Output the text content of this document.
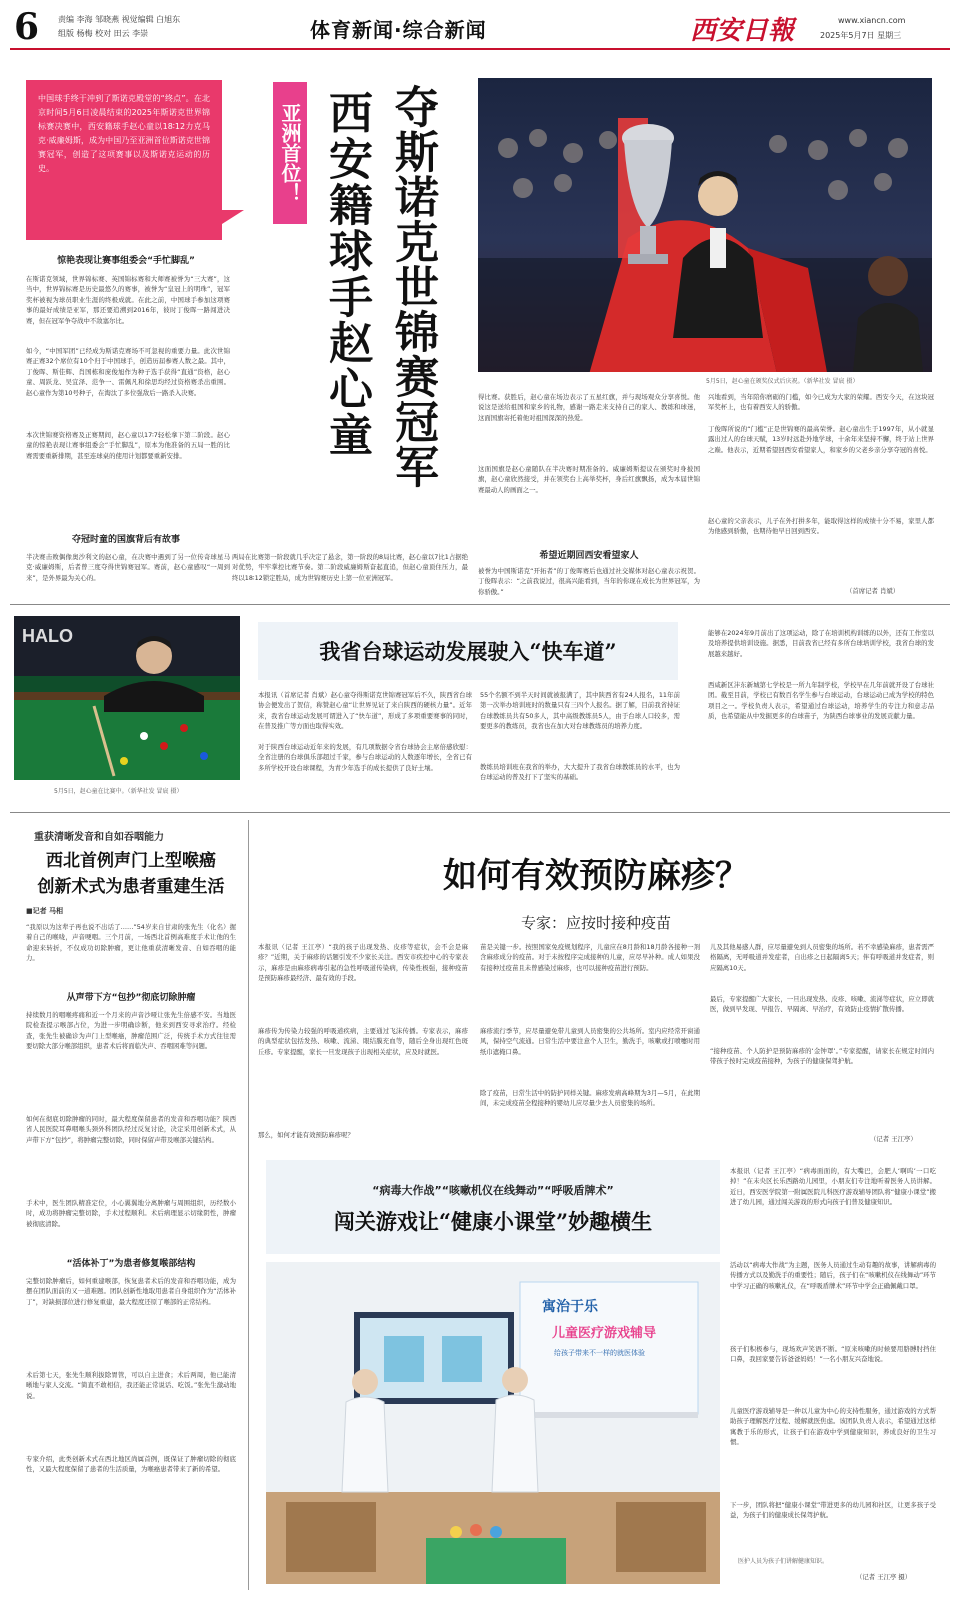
6 责编 李海 邹晓燕 视觉编辑 白旭东
组版 杨梅 校对 田云 李崇	体育新闻·综合新闻	西安日報	www.xiancn.com
2025年5月7日 星期三
中国球手终于冲到了斯诺克殿堂的“终点”。在北京时间5月6日凌晨结束的2025年斯诺克世界锦标赛决赛中，西安籍球手赵心童以18∶12力克马克·威廉姆斯，成为中国乃至亚洲首位斯诺克世锦赛冠军，创造了这项赛事以及斯诺克运动的历史。	亚洲首位！ 夺斯诺克世锦赛冠军
西安籍球手赵心童	5月5日，赵心童在颁奖仪式后庆祝。（新华社发 冒宸 摄）
惊艳表现让赛事组委会“手忙脚乱”
在斯诺克领域，世界锦标赛、英国锦标赛和大师赛被誉为“三大赛”，这当中，世界锦标赛是历史最悠久的赛事，被誉为“皇冠上的明珠”，冠军奖杯被视为球员职业生涯的终极成就。在此之前，中国球手参加这项赛事的最好成绩是亚军，那还要追溯到2016年，彼时丁俊晖一路闯进决赛，但在冠军争夺战中不敌塞尔比。
如今，“中国军团”已经成为斯诺克赛场不可忽视的重要力量。此次世锦赛正赛32个席位有10个归于中国球手，创造历届参赛人数之最。其中，丁俊晖、斯佳辉、肖国栋和庞俊旭作为种子选手获得“直通”资格，赵心童、周跃龙、吴宜泽、范争一、雷佩凡和徐思均经过资格赛杀出重围。赵心童作为第10号种子，在淘汰了多位强敌后一路杀入决赛。
本次世锦赛资格赛及正赛期间，赵心童以17∶7轻松拿下第二阶段。赵心童的惊艳表现让赛事组委会“手忙脚乱”，原本为他准备的五局一胜的比赛需要重新排期，甚至连球桌的使用计划都要重新安排。
夺冠时童的国旗背后有故事
半决赛击败偶像奥沙利文的赵心童，在决赛中遇到了另一位传奇球星马克·威廉姆斯，后者曾三度夺得世锦赛冠军。赛前，赵心童感叹“一周到来”，是外界最为关心的。
两局在比赛第一阶段就几乎决定了悬念，第一阶段的8局比赛，赵心童以7比1占据绝对优势，牢牢掌控比赛节奏。第二阶段威廉姆斯奋起直追，但赵心童顶住压力，最终以18∶12锁定胜局，成为世锦赛历史上第一位亚洲冠军。
得比赛。获胜后，赵心童在场边表示了五星红旗，并与现场观众分享喜悦。他说这是送给祖国和家乡的礼物，感谢一路走来支持自己的家人、教练和球迷，这面国旗寄托着他对祖国深深的热爱。
这面国旗是赵心童随队在半决赛时期准备的。威廉姆斯提议在颁奖时身披国旗，赵心童欣然接受，并在领奖台上高举奖杯，身后红旗飘扬，成为本届世锦赛最动人的画面之一。
希望近期回西安看望家人
被誉为中国斯诺克“开拓者”的丁俊晖赛后也通过社交媒体对赵心童表示祝贺。丁俊晖表示：“之前我说过，很高兴能看到，当年的你现在成长为世界冠军，为你骄傲。”
兴地看到，当年陪你磨砺的门槛，如今已成为大家的荣耀。西安今天，在这块冠军奖杯上，也有着西安人的骄傲。
丁俊晖所说的“门槛”正是世锦赛的最高荣誉。赵心童出生于1997年，从小就显露出过人的台球天赋，13岁时远赴外地学球，十余年来坚持不懈，终于站上世界之巅。他表示，近期希望回西安看望家人，和家乡的父老乡亲分享夺冠的喜悦。
赵心童的父亲表示，儿子在外打拼多年，能取得这样的成绩十分不易，家里人都为他感到骄傲，也期待他早日回到西安。
（首席记者 肖斌）
HALO
5月5日，赵心童在比赛中。（新华社发 冒宸 摄）
我省台球运动发展驶入“快车道”
本报讯（首席记者 肖斌）赵心童夺得斯诺克世锦赛冠军后不久，陕西省台球协会便发出了贺信，称赞赵心童“让世界见证了来自陕西的硬核力量”。近年来，我省台球运动发展可谓进入了“快车道”，形成了多项重要赛事的同时，在普及推广等方面也取得实效。
对于陕西台球运动近年来的发展，有几项数据令省台球协会主席倍感欣慰：全省注册的台球俱乐部超过千家，参与台球运动的人数逐年增长，全省已有多所学校开设台球课程，为青少年选手的成长提供了良好土壤。
55个名额不到半天时间就被报满了，其中陕西省有24人报名，11年前第一次举办培训班时的数量只有三四个人报名。据了解，目前我省持证台球教练员共有50多人，其中高级教练员5人，由于台球人口较多，需要更多的教练员，我省也在加大对台球教练员的培养力度。
教练员培训班在我省的举办，大大提升了我省台球教练员的水平，也为台球运动的普及打下了坚实的基础。
能够在2024年9月前出了这项运动，除了在培训机构训练的以外，还有工作室以及培养提供培训设施。据悉，目前我省已经有多所台球培训学校，我省台球的发展越来越好。
西咸新区沣东新城第七学校是一所九年制学校，学校早在几年前就开设了台球社团。截至目前，学校已有数百名学生参与台球运动，台球运动已成为学校的特色项目之一。学校负责人表示，希望通过台球运动，培养学生的专注力和意志品质，也希望能从中发掘更多的台球苗子，为陕西台球事业的发展贡献力量。
重获清晰发音和自如吞咽能力
西北首例声门上型喉癌
创新术式为患者重建生活
■记者 马相
“我原以为这辈子再也说不出话了……”54岁来自甘肃的张先生（化名）握着自己的喉咙，声音哽咽。三个月前，一场西北首例高难度手术让他的生命迎来转折，不仅成功切除肿瘤，更让他重获清晰发音、自如吞咽的能力。
从声带下方“包抄”彻底切除肿瘤
持续数月的咽喉疼痛和近一个月来的声音沙哑让张先生倍感不安。当地医院检查提示喉部占位，为进一步明确诊断，他来到西安寻求治疗。经检查，张先生被确诊为声门上型喉癌，肿瘤范围广泛，传统手术方式往往需要切除大部分喉部组织，患者术后将面临失声、吞咽困难等问题。
如何在彻底切除肿瘤的同时，最大程度保留患者的发音和吞咽功能？陕西省人民医院耳鼻咽喉头颈外科团队经过反复讨论，决定采用创新术式，从声带下方“包抄”，将肿瘤完整切除，同时保留声带及喉部关键结构。
手术中，医生团队精准定位，小心翼翼地分离肿瘤与周围组织，历经数小时，成功将肿瘤完整切除，手术过程顺利。术后病理显示切缘阴性，肿瘤被彻底清除。
“活体补丁”为患者修复喉部结构
完整切除肿瘤后，如何重建喉部，恢复患者术后的发音和吞咽功能，成为摆在团队面前的又一道难题。团队创新性地取用患者自身组织作为“活体补丁”，对缺损部位进行修复重建，最大程度还原了喉部的正常结构。
术后第七天，张先生顺利拔除胃管，可以自主进食；术后两周，他已能清晰地与家人交流。“简直不敢相信，我还能正常说话、吃饭。”张先生激动地说。
专家介绍，此类创新术式在西北地区尚属首例，既保证了肿瘤切除的彻底性，又最大程度保留了患者的生活质量，为喉癌患者带来了新的希望。
如何有效预防麻疹？
专家：应按时接种疫苗
本报讯（记者 王江亭）“我的孩子出现发热、皮疹等症状，会不会是麻疹？”近期，关于麻疹的话题引发不少家长关注。西安市疾控中心的专家表示，麻疹是由麻疹病毒引起的急性呼吸道传染病，传染性极强，接种疫苗是预防麻疹最经济、最有效的手段。
麻疹传为传染力较强的呼吸道疾病，主要通过飞沫传播。专家表示，麻疹的典型症状包括发热、咳嗽、流涕、眼结膜充血等，随后全身出现红色斑丘疹。专家提醒，家长一旦发现孩子出现相关症状，应及时就医。
那么，如何才能有效预防麻疹呢？
苗是关键一步。按照国家免疫规划程序，儿童应在8月龄和18月龄各接种一剂含麻疹成分的疫苗。对于未按程序完成接种的儿童，应尽早补种。成人如果没有接种过疫苗且未曾感染过麻疹，也可以接种疫苗进行预防。
麻疹流行季节，应尽量避免带儿童到人员密集的公共场所。室内应经常开窗通风，保持空气流通。日常生活中要注意个人卫生，勤洗手，咳嗽或打喷嚏时用纸巾遮掩口鼻。
除了疫苗，日常生活中的防护同样关键。麻疹发病高峰期为3月—5月，在此期间，未完成疫苗全程接种的婴幼儿应尽量少去人员密集的场所。
儿及其他易感人群，应尽量避免到人员密集的场所。若不幸感染麻疹，患者需严格隔离，无呼吸道并发症者，自出疹之日起隔离5天；伴有呼吸道并发症者，则应隔离10天。
最后，专家提醒广大家长，一旦出现发热、皮疹、咳嗽、流涕等症状，应立即就医，做到早发现、早报告、早隔离、早治疗，有效防止疫情扩散传播。
“接种疫苗、个人防护是预防麻疹的‘金钟罩’。”专家提醒，请家长在规定时间内带孩子按时完成疫苗接种，为孩子的健康保驾护航。
（记者 王江亭）
“病毒大作战”“咳嗽机仪在线舞动”“呼吸盾牌术”
闯关游戏让“健康小课堂”妙趣横生
寓治于乐
儿童医疗游戏辅导
给孩子带来不一样的就医体验
本报讯（记者 王江亭）“病毒面面的，有大嘴巴，会肥人‘啊呜’一口吃掉！”在未央区长乐西路幼儿园里，小朋友们专注地听着医务人员讲解。近日，西安医学院第一附属医院儿科医疗游戏辅导团队将“健康小课堂”搬进了幼儿园，通过闯关游戏的形式向孩子们普及健康知识。
活动以“病毒大作战”为主题，医务人员通过生动有趣的故事，讲解病毒的传播方式以及勤洗手的重要性；随后，孩子们在“咳嗽机仪在线舞动”环节中学习正确的咳嗽礼仪，在“呼吸盾牌术”环节中学会正确佩戴口罩。
孩子们积极参与，现场欢声笑语不断。“原来咳嗽的时候要用胳膊肘挡住口鼻，我回家要告诉爸爸妈妈！”一名小朋友兴奋地说。
儿童医疗游戏辅导是一种以儿童为中心的支持性服务，通过游戏的方式帮助孩子理解医疗过程、缓解就医焦虑。该团队负责人表示，希望通过这样寓教于乐的形式，让孩子们在游戏中学到健康知识，养成良好的卫生习惯。
下一步，团队将把“健康小课堂”带进更多的幼儿园和社区，让更多孩子受益，为孩子们的健康成长保驾护航。
医护人员为孩子们讲解健康知识。
（记者 王江亭 摄）
